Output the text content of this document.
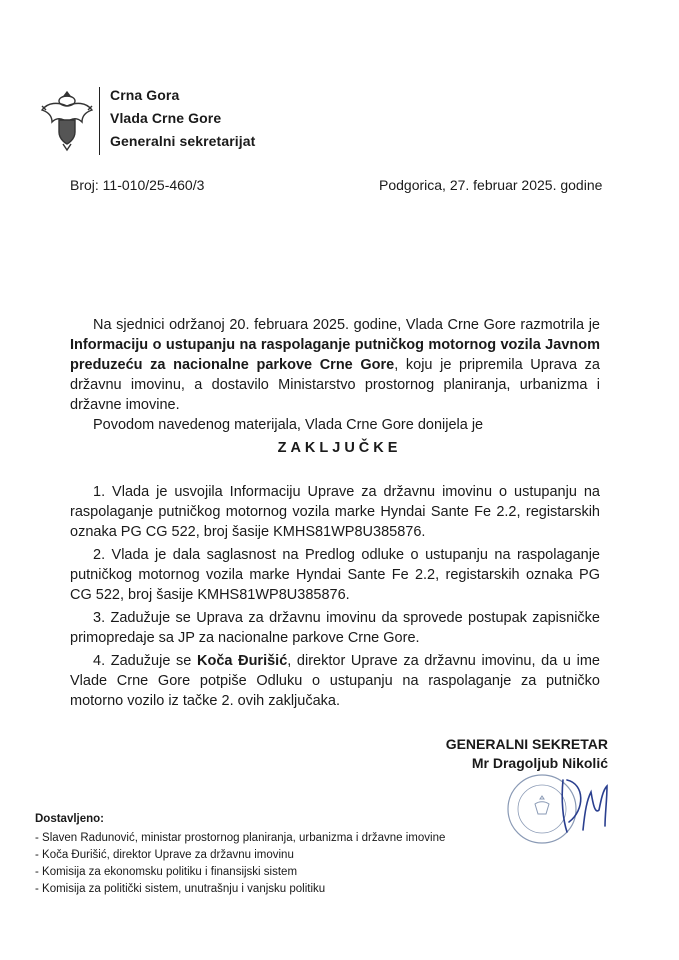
Crna Gora
Vlada Crne Gore
Generalni sekretarijat
Broj: 11-010/25-460/3	Podgorica, 27. februar 2025. godine

Na sjednici održanoj 20. februara 2025. godine, Vlada Crne Gore razmotrila je Informaciju o ustupanju na raspolaganje putničkog motornog vozila Javnom preduzeću za nacionalne parkove Crne Gore, koju je pripremila Uprava za državnu imovinu, a dostavilo Ministarstvo prostornog planiranja, urbanizma i državne imovine.

Povodom navedenog materijala, Vlada Crne Gore donijela je

ZAKLJUČKE

1. Vlada je usvojila Informaciju Uprave za državnu imovinu o ustupanju na raspolaganje putničkog motornog vozila marke Hyndai Sante Fe 2.2, registarskih oznaka PG CG 522, broj šasije KMHS81WP8U385876.

2. Vlada je dala saglasnost na Predlog odluke o ustupanju na raspolaganje putničkog motornog vozila marke Hyndai Sante Fe 2.2, registarskih oznaka PG CG 522, broj šasije KMHS81WP8U385876.

3. Zadužuje se Uprava za državnu imovinu da sprovede postupak zapisničke primopredaje sa JP za nacionalne parkove Crne Gore.

4. Zadužuje se Koča Đurišić, direktor Uprave za državnu imovinu, da u ime Vlade Crne Gore potpiše Odluku o ustupanju na raspolaganje za putničko motorno vozilo iz tačke 2. ovih zaključaka.

GENERALNI SEKRETAR
Mr Dragoljub Nikolić
Dostavljeno:
- Slaven Radunović, ministar prostornog planiranja, urbanizma i državne imovine
- Koča Đurišić, direktor Uprave za državnu imovinu
- Komisija za ekonomsku politiku i finansijski sistem
- Komisija za politički sistem, unutrašnju i vanjsku politiku
